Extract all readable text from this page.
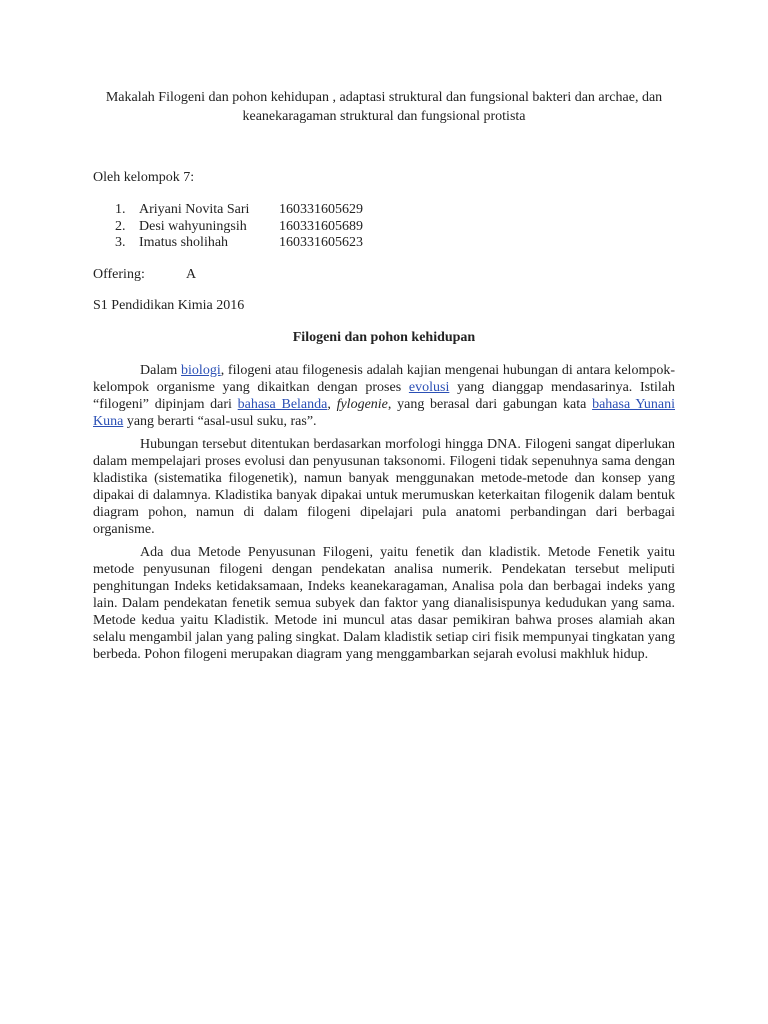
Makalah Filogeni dan pohon kehidupan , adaptasi struktural dan fungsional bakteri dan archae, dan keanekaragaman struktural dan fungsional protista

Oleh kelompok 7:

1. Ariyani Novita Sari 160331605629
2. Desi wahyuningsih 160331605689
3. Imatus sholihah	160331605623

Offering:	A

S1 Pendidikan Kimia 2016

Filogeni dan pohon kehidupan

Dalam biologi, filogeni atau filogenesis adalah kajian mengenai hubungan di antara kelompok-kelompok organisme yang dikaitkan dengan proses evolusi yang dianggap mendasarinya. Istilah “filogeni” dipinjam dari bahasa Belanda, fylogenie, yang berasal dari gabungan kata bahasa Yunani Kuna yang berarti “asal-usul suku, ras”.

Hubungan tersebut ditentukan berdasarkan morfologi hingga DNA. Filogeni sangat diperlukan dalam mempelajari proses evolusi dan penyusunan taksonomi. Filogeni tidak sepenuhnya sama dengan kladistika (sistematika filogenetik), namun banyak menggunakan metode-metode dan konsep yang dipakai di dalamnya. Kladistika banyak dipakai untuk merumuskan keterkaitan filogenik dalam bentuk diagram pohon, namun di dalam filogeni dipelajari pula anatomi perbandingan dari berbagai organisme.

Ada dua Metode Penyusunan Filogeni, yaitu fenetik dan kladistik. Metode Fenetik yaitu metode penyusunan filogeni dengan pendekatan analisa numerik. Pendekatan tersebut meliputi penghitungan Indeks ketidaksamaan, Indeks keanekaragaman, Analisa pola dan berbagai indeks yang lain. Dalam pendekatan fenetik semua subyek dan faktor yang dianalisispunya kedudukan yang sama. Metode kedua yaitu Kladistik. Metode ini muncul atas dasar pemikiran bahwa proses alamiah akan selalu mengambil jalan yang paling singkat. Dalam kladistik setiap ciri fisik mempunyai tingkatan yang berbeda. Pohon filogeni merupakan diagram yang menggambarkan sejarah evolusi makhluk hidup.
